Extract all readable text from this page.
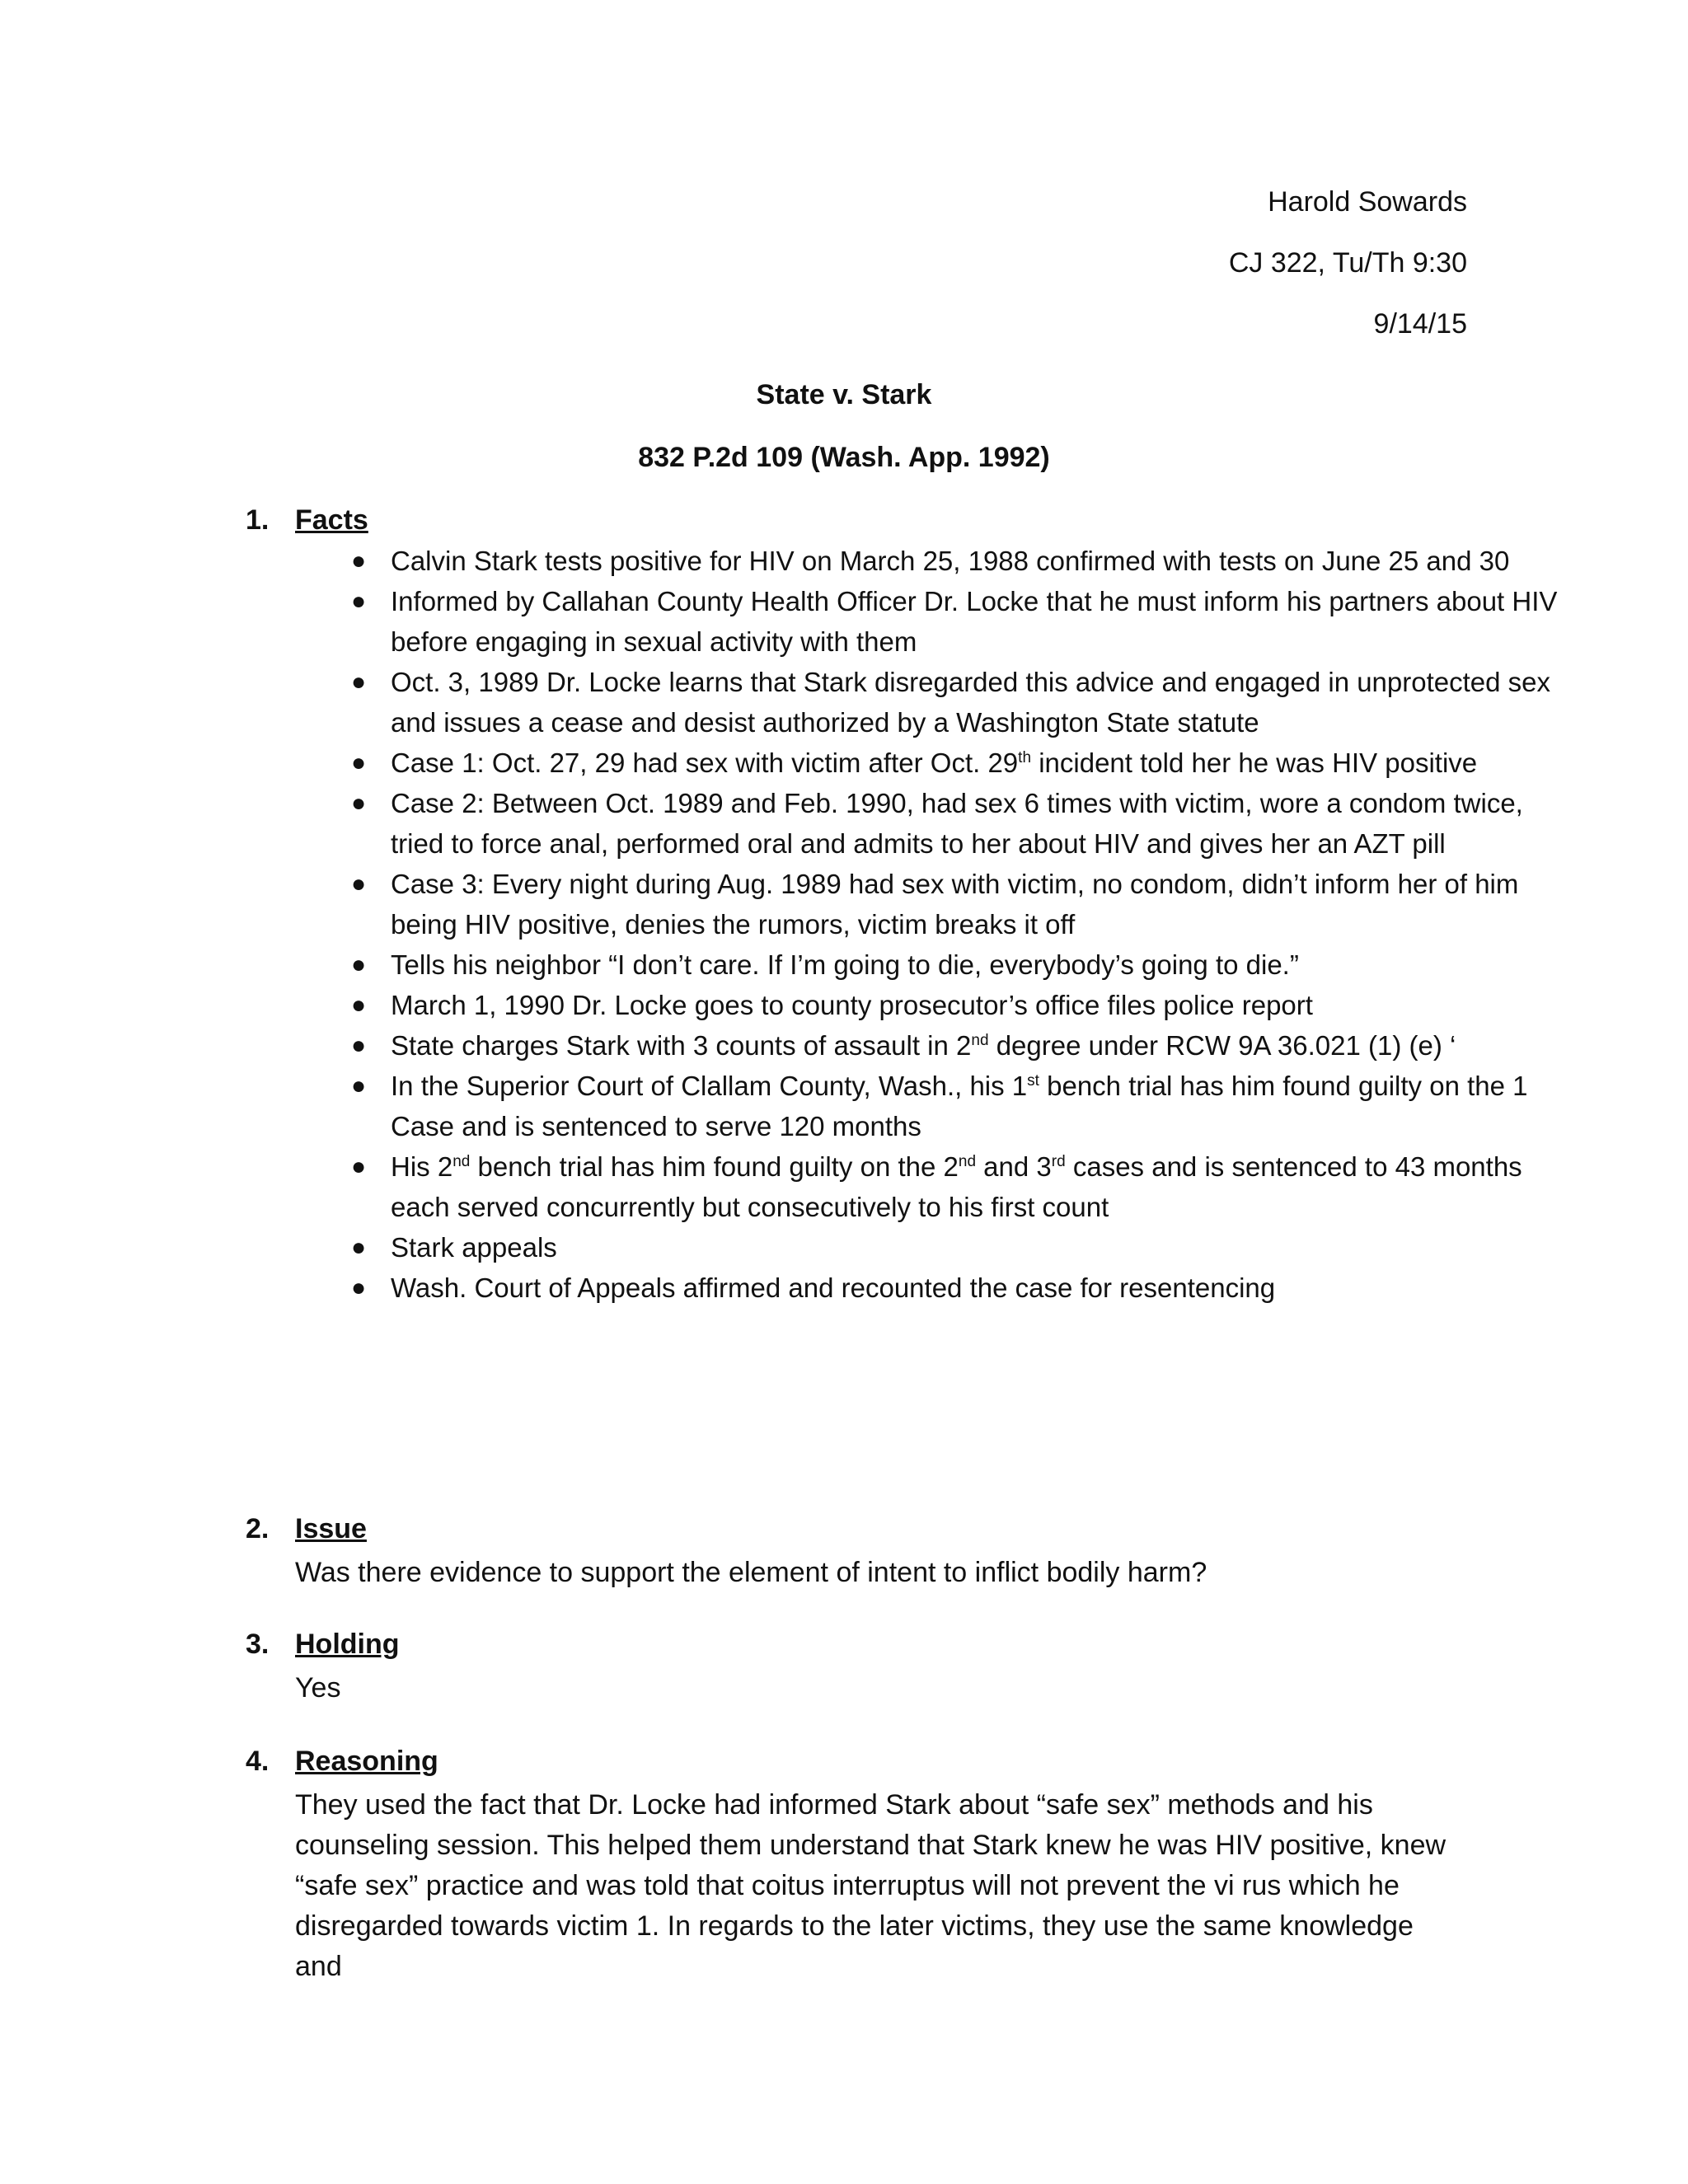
Harold Sowards
CJ 322, Tu/Th 9:30
9/14/15
State v. Stark
832 P.2d 109 (Wash. App. 1992)
1. Facts
● Calvin Stark tests positive for HIV on March 25, 1988 confirmed with tests on June 25 and 30
● Informed by Callahan County Health Officer Dr. Locke that he must inform his partners about HIV before engaging in sexual activity with them
● Oct. 3, 1989 Dr. Locke learns that Stark disregarded this advice and engaged in unprotected sex and issues a cease and desist authorized by a Washington State statute
● Case 1: Oct. 27, 29 had sex with victim after Oct. 29th incident told her he was HIV positive
● Case 2: Between Oct. 1989 and Feb. 1990, had sex 6 times with victim, wore a condom twice, tried to force anal, performed oral and admits to her about HIV and gives her an AZT pill
● Case 3: Every night during Aug. 1989 had sex with victim, no condom, didn’t inform her of him being HIV positive, denies the rumors, victim breaks it off
● Tells his neighbor “I don’t care. If I’m going to die, everybody’s going to die.”
● March 1, 1990 Dr. Locke goes to county prosecutor’s office files police report
● State charges Stark with 3 counts of assault in 2nd degree under RCW 9A 36.021 (1) (e) ‘
● In the Superior Court of Clallam County, Wash., his 1st bench trial has him found guilty on the 1 Case and is sentenced to serve 120 months
● His 2nd bench trial has him found guilty on the 2nd and 3rd cases and is sentenced to 43 months each served concurrently but consecutively to his first count
● Stark appeals
● Wash. Court of Appeals affirmed and recounted the case for resentencing
2. Issue
Was there evidence to support the element of intent to inflict bodily harm?
3. Holding
Yes
4. Reasoning
They used the fact that Dr. Locke had informed Stark about “safe sex” methods and his counseling session. This helped them understand that Stark knew he was HIV positive, knew “safe sex” practice and was told that coitus interruptus will not prevent the vi rus which he disregarded towards victim 1. In regards to the later victims, they use the same knowledge and
